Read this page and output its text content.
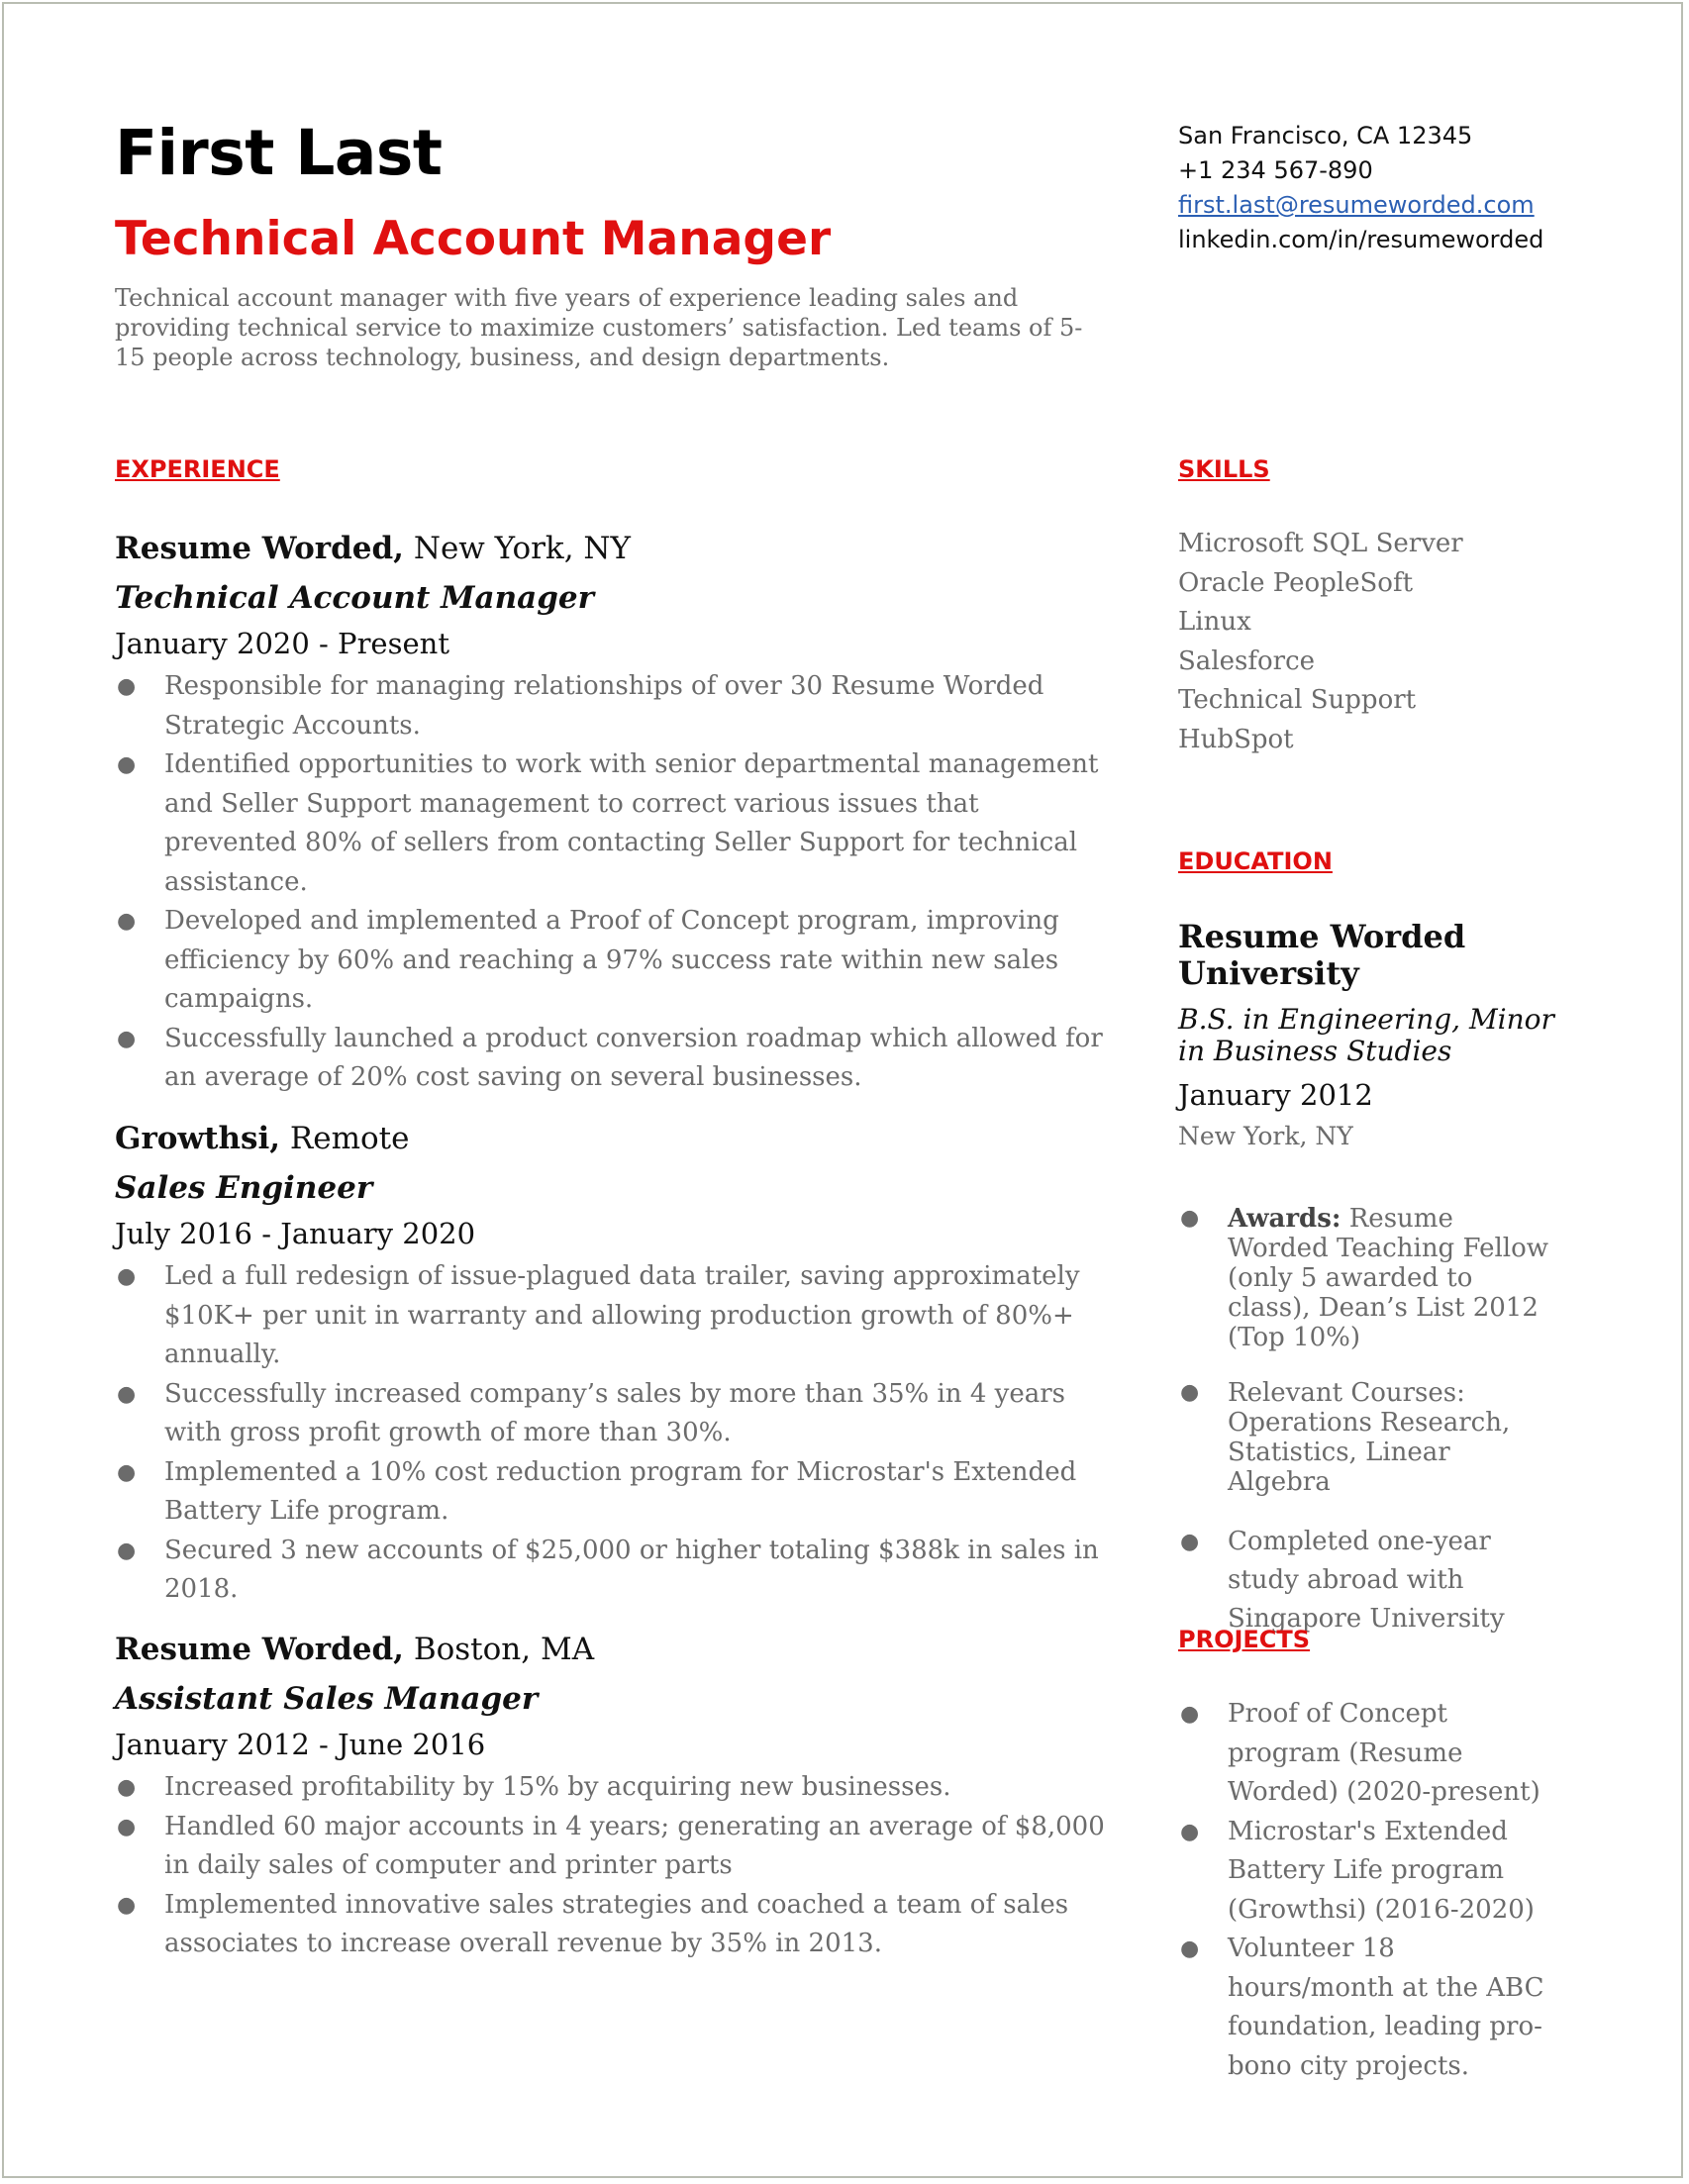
First Last
Technical Account Manager

Technical account manager with five years of experience leading sales and providing technical service to maximize customers’ satisfaction. Led teams of 5-15 people across technology, business, and design departments.

San Francisco, CA 12345
+1 234 567-890
first.last@resumeworded.com
linkedin.com/in/resumeworded
EXPERIENCE

Resume Worded, New York, NY

Technical Account Manager

January 2020 - Present

● Responsible for managing relationships of over 30 Resume Worded Strategic Accounts.
● Identified opportunities to work with senior departmental management and Seller Support management to correct various issues that prevented 80% of sellers from contacting Seller Support for technical assistance.
● Developed and implemented a Proof of Concept program, improving efficiency by 60% and reaching a 97% success rate within new sales campaigns.
● Successfully launched a product conversion roadmap which allowed for an average of 20% cost saving on several businesses.

Growthsi, Remote

Sales Engineer

July 2016 - January 2020

● Led a full redesign of issue-plagued data trailer, saving approximately $10K+ per unit in warranty and allowing production growth of 80%+ annually.
● Successfully increased company’s sales by more than 35% in 4 years with gross profit growth of more than 30%.
● Implemented a 10% cost reduction program for Microstar's Extended Battery Life program.
● Secured 3 new accounts of $25,000 or higher totaling $388k in sales in 2018.

Resume Worded, Boston, MA

Assistant Sales Manager

January 2012 - June 2016

● Increased profitability by 15% by acquiring new businesses.
● Handled 60 major accounts in 4 years; generating an average of $8,000 in daily sales of computer and printer parts
● Implemented innovative sales strategies and coached a team of sales associates to increase overall revenue by 35% in 2013.
SKILLS
Microsoft SQL Server
Oracle PeopleSoft
Linux
Salesforce
Technical Support
HubSpot
EDUCATION

Resume Worded University

B.S. in Engineering, Minor in Business Studies

January 2012

New York, NY

● Awards: Resume Worded Teaching Fellow (only 5 awarded to class), Dean’s List 2012 (Top 10%)
● Relevant Courses: Operations Research, Statistics, Linear Algebra
● Completed one-year study abroad with Singapore University
PROJECTS
● Proof of Concept program (Resume Worded) (2020-present)
● Microstar's Extended Battery Life program (Growthsi) (2016-2020)
● Volunteer 18 hours/month at the ABC foundation, leading pro-bono city projects.
